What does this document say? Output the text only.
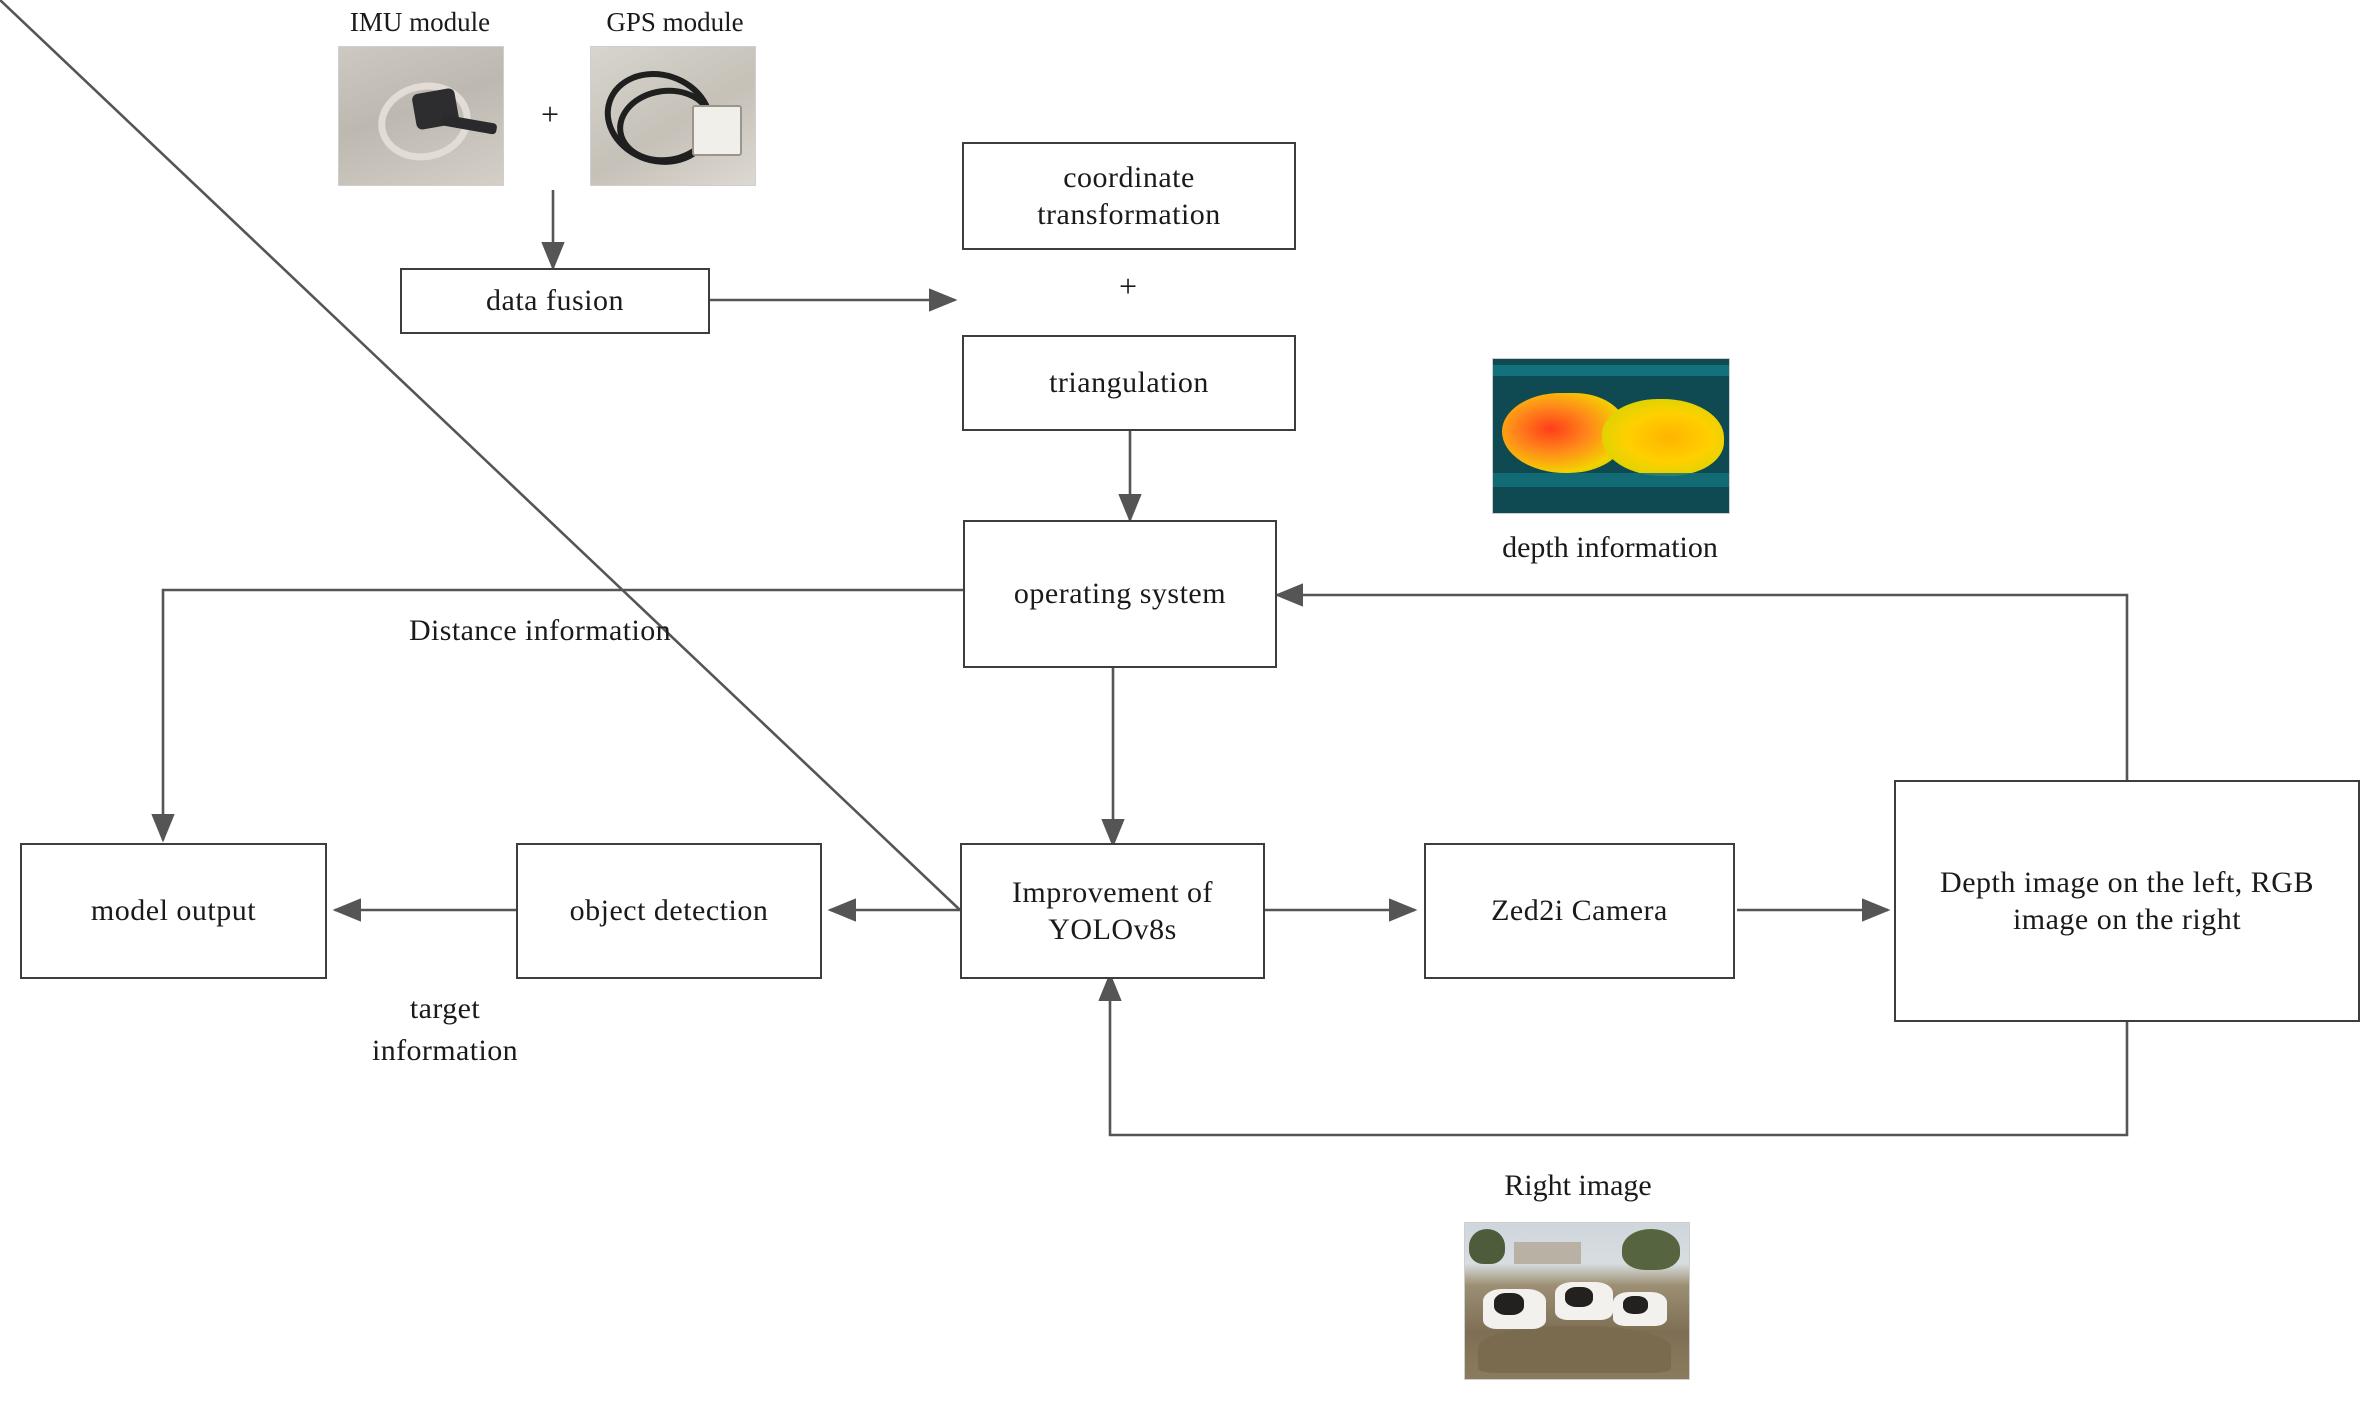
IMU module	GPS module
+
depth information
Right image
data fusion
coordinate transformation
+
triangulation
operating system
Improvement of YOLOv8s
object detection
model output	Zed2i Camera
Depth image on the left, RGB image on the right
Distance information
target
information
